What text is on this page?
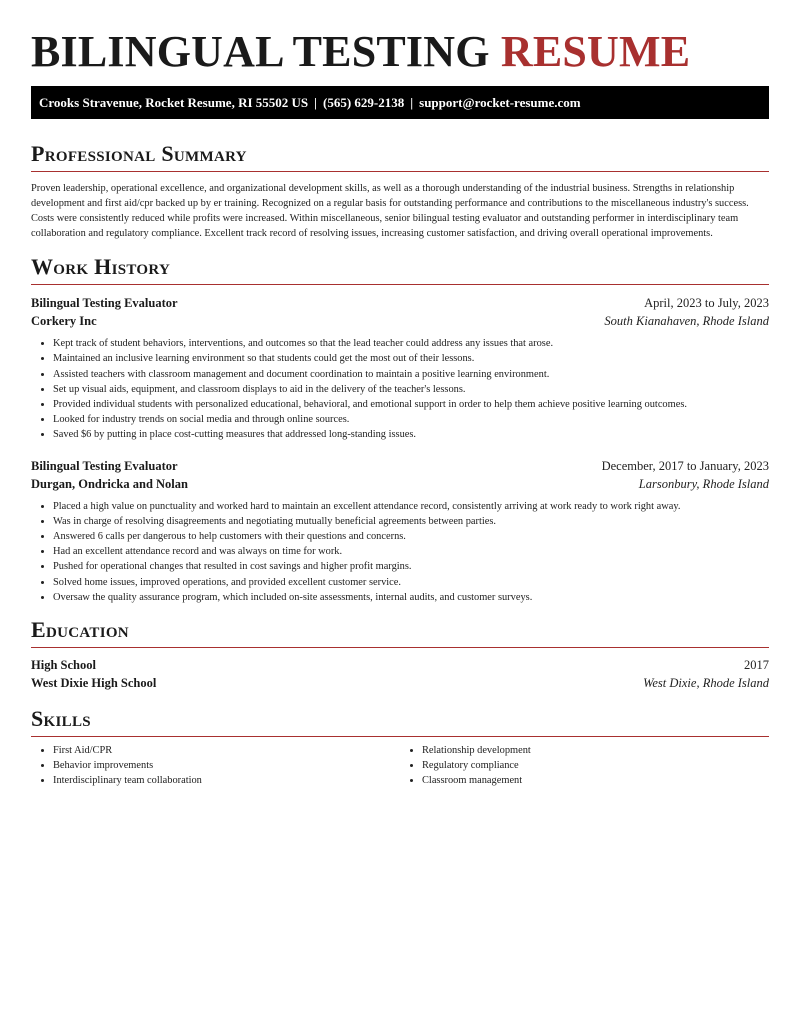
BILINGUAL TESTING RESUME
Crooks Stravenue, Rocket Resume, RI 55502 US | (565) 629-2138 | support@rocket-resume.com
Professional Summary

Proven leadership, operational excellence, and organizational development skills, as well as a thorough understanding of the industrial business. Strengths in relationship development and first aid/cpr backed up by er training. Recognized on a regular basis for outstanding performance and contributions to the miscellaneous industry's success. Costs were consistently reduced while profits were increased. Within miscellaneous, senior bilingual testing evaluator and outstanding performer in interdisciplinary team collaboration and regulatory compliance. Excellent track record of resolving issues, increasing customer satisfaction, and driving overall operational improvements.

Work History
Bilingual Testing Evaluator	April, 2023 to July, 2023
Corkery Inc	South Kianahaven, Rhode Island
• Kept track of student behaviors, interventions, and outcomes so that the lead teacher could address any issues that arose.
• Maintained an inclusive learning environment so that students could get the most out of their lessons.
• Assisted teachers with classroom management and document coordination to maintain a positive learning environment.
• Set up visual aids, equipment, and classroom displays to aid in the delivery of the teacher's lessons.
• Provided individual students with personalized educational, behavioral, and emotional support in order to help them achieve positive learning outcomes.
• Looked for industry trends on social media and through online sources.
• Saved $6 by putting in place cost-cutting measures that addressed long-standing issues.
Bilingual Testing Evaluator	December, 2017 to January, 2023
Durgan, Ondricka and Nolan	Larsonbury, Rhode Island
• Placed a high value on punctuality and worked hard to maintain an excellent attendance record, consistently arriving at work ready to work right away.
• Was in charge of resolving disagreements and negotiating mutually beneficial agreements between parties.
• Answered 6 calls per dangerous to help customers with their questions and concerns.
• Had an excellent attendance record and was always on time for work.
• Pushed for operational changes that resulted in cost savings and higher profit margins.
• Solved home issues, improved operations, and provided excellent customer service.
• Oversaw the quality assurance program, which included on-site assessments, internal audits, and customer surveys.
Education
High School	2017
West Dixie High School	West Dixie, Rhode Island
Skills
• First Aid/CPR
• Behavior improvements
• Interdisciplinary team collaboration
• Relationship development
• Regulatory compliance
• Classroom management
